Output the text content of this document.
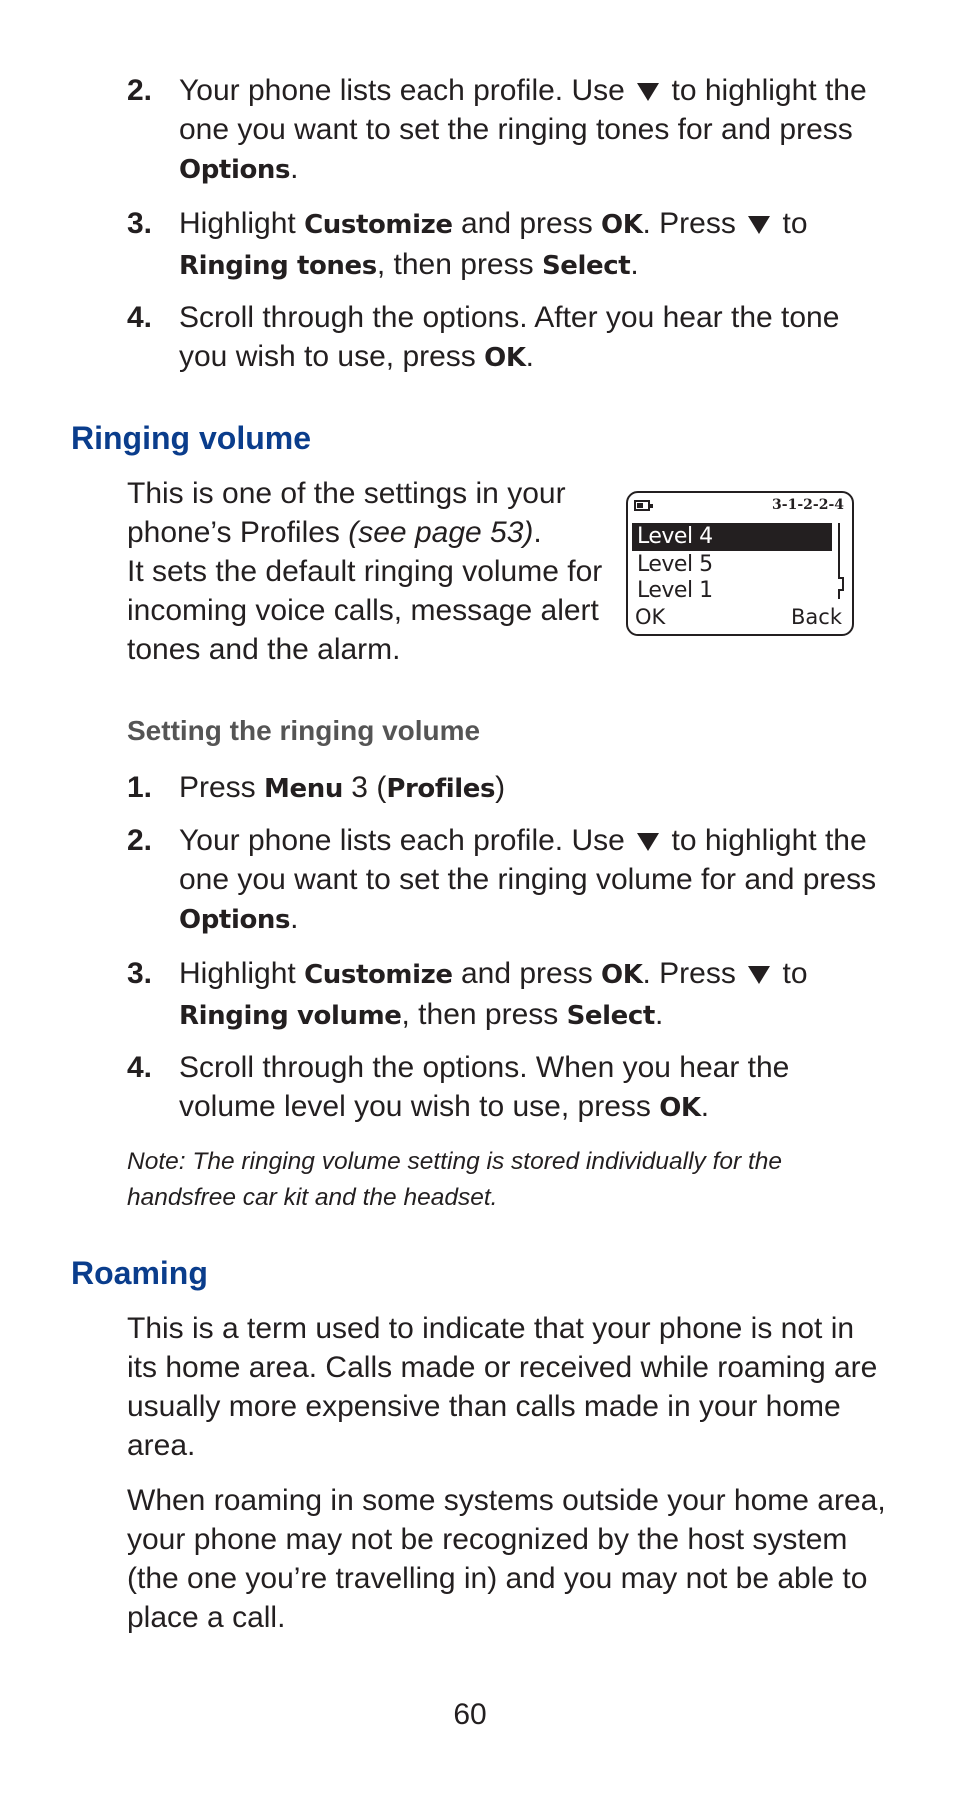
2. Your phone lists each profile. Use  to highlight the one you want to set the ringing tones for and press Options.
3. Highlight Customize and press OK. Press  to
Ringing tones, then press Select.
4. Scroll through the options. After you hear the tone you wish to use, press OK.
Ringing volume

This is one of the settings in your phone’s Profiles (see page 53).
It sets the default ringing volume for incoming voice calls, message alert tones and the alarm.

3-1-2-2-4
Level 4
Level 5
Level 1
OK	Back
Setting the ringing volume
1. Press Menu 3 (Profiles)
2. Your phone lists each profile. Use  to highlight the one you want to set the ringing volume for and press Options.
3. Highlight Customize and press OK. Press  to
Ringing volume, then press Select.
4. Scroll through the options. When you hear the volume level you wish to use, press OK.

Note: The ringing volume setting is stored individually for the handsfree car kit and the headset.

Roaming

This is a term used to indicate that your phone is not in its home area. Calls made or received while roaming are usually more expensive than calls made in your home area.

When roaming in some systems outside your home area, your phone may not be recognized by the host system (the one you’re travelling in) and you may not be able to place a call.

60
